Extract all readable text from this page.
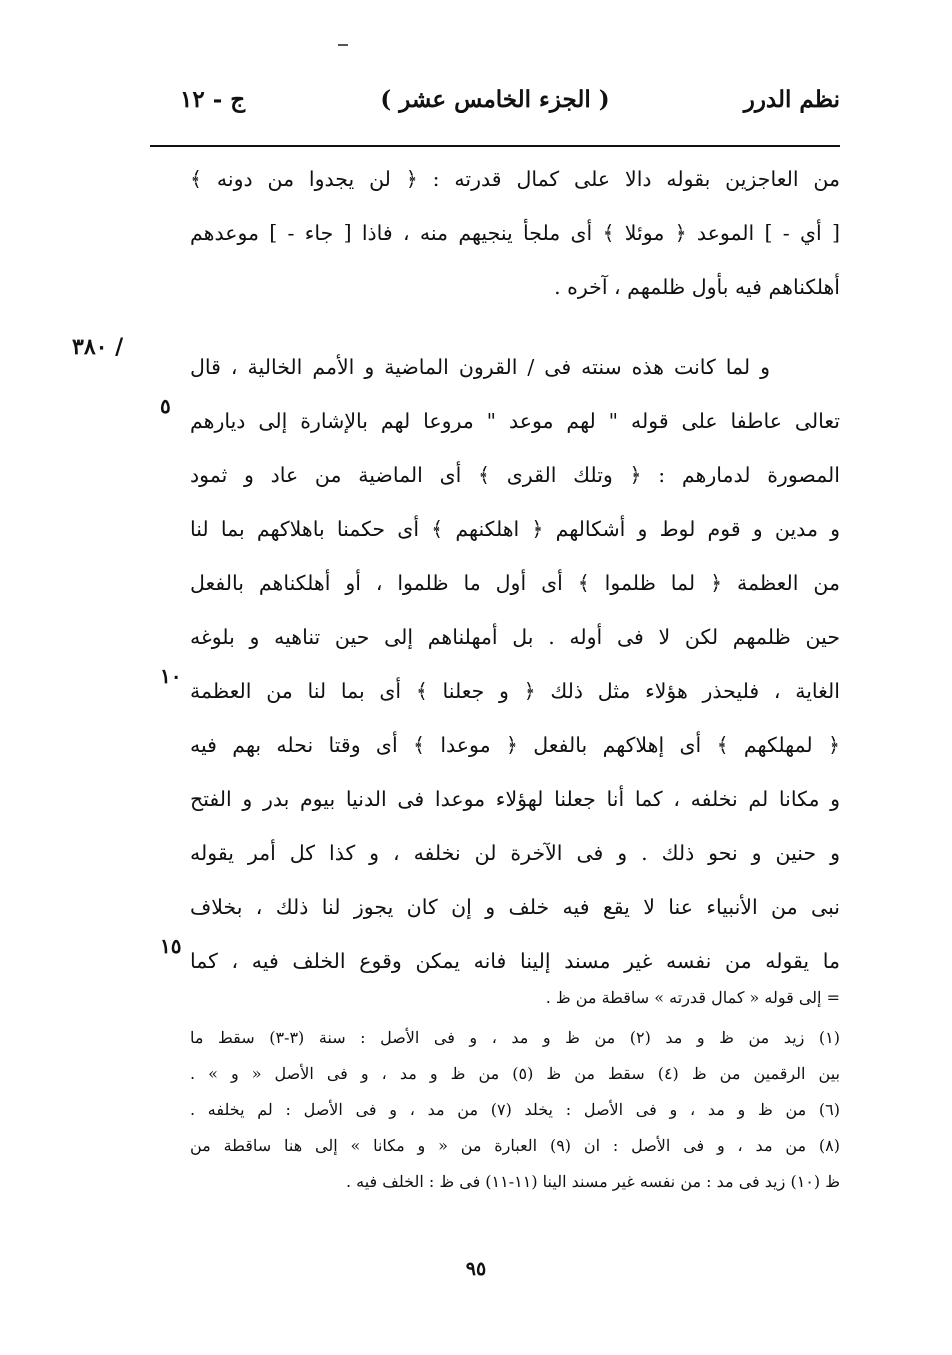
نظم الدرر
( الجزء الخامس عشر )
ج - ١٢
/ ٣٨٠
من العاجزين بقوله دالا على كمال قدرته : ﴿ لن يجدوا من دونه ﴾
[ أي - ] الموعد ﴿ موئلا ﴾ أى ملجأ ينجيهم منه ، فاذا [ جاء - ] موعدهم
أهلكناهم فيه بأول ظلمهم ، آخره .
و لما كانت هذه سنته فى / القرون الماضية و الأمم الخالية ، قال
تعالى عاطفا على قوله " لهم موعد " مروعا لهم بالإشارة إلى ديارهم
المصورة لدمارهم : ﴿ وتلك القرى ﴾ أى الماضية من عاد و ثمود
و مدين و قوم لوط و أشكالهم ﴿ اهلكنهم ﴾ أى حكمنا باهلاكهم بما لنا
من العظمة ﴿ لما ظلموا ﴾ أى أول ما ظلموا ، أو أهلكناهم بالفعل
حين ظلمهم لكن لا فى أوله . بل أمهلناهم إلى حين تناهيه و بلوغه
الغاية ، فليحذر هؤلاء مثل ذلك ﴿ و جعلنا ﴾ أى بما لنا من العظمة
﴿ لمهلكهم ﴾ أى إهلاكهم بالفعل ﴿ موعدا ﴾ أى وقتا نحله بهم فيه
و مكانا لم نخلفه ، كما أنا جعلنا لهؤلاء موعدا فى الدنيا بيوم بدر و الفتح
و حنين و نحو ذلك . و فى الآخرة لن نخلفه ، و كذا كل أمر يقوله
نبى من الأنبياء عنا لا يقع فيه خلف و إن كان يجوز لنا ذلك ، بخلاف
ما يقوله من نفسه غير مسند إلينا فانه يمكن وقوع الخلف فيه ، كما
٥
١٠
١٥
= إلى قوله « كمال قدرته » ساقطة من ظ .
(١) زيد من ظ و مد (٢) من ظ و مد ، و فى الأصل : سنة (٣-٣) سقط ما
بين الرقمين من ظ (٤) سقط من ظ (٥) من ظ و مد ، و فى الأصل « و » .
(٦) من ظ و مد ، و فى الأصل : يخلد (٧) من مد ، و فى الأصل : لم يخلفه .
(٨) من مد ، و فى الأصل : ان (٩) العبارة من « و مكانا » إلى هنا ساقطة من
ظ (١٠) زيد فى مد : من نفسه غير مسند الينا (١١-١١) فى ظ : الخلف فيه .
٩٥
